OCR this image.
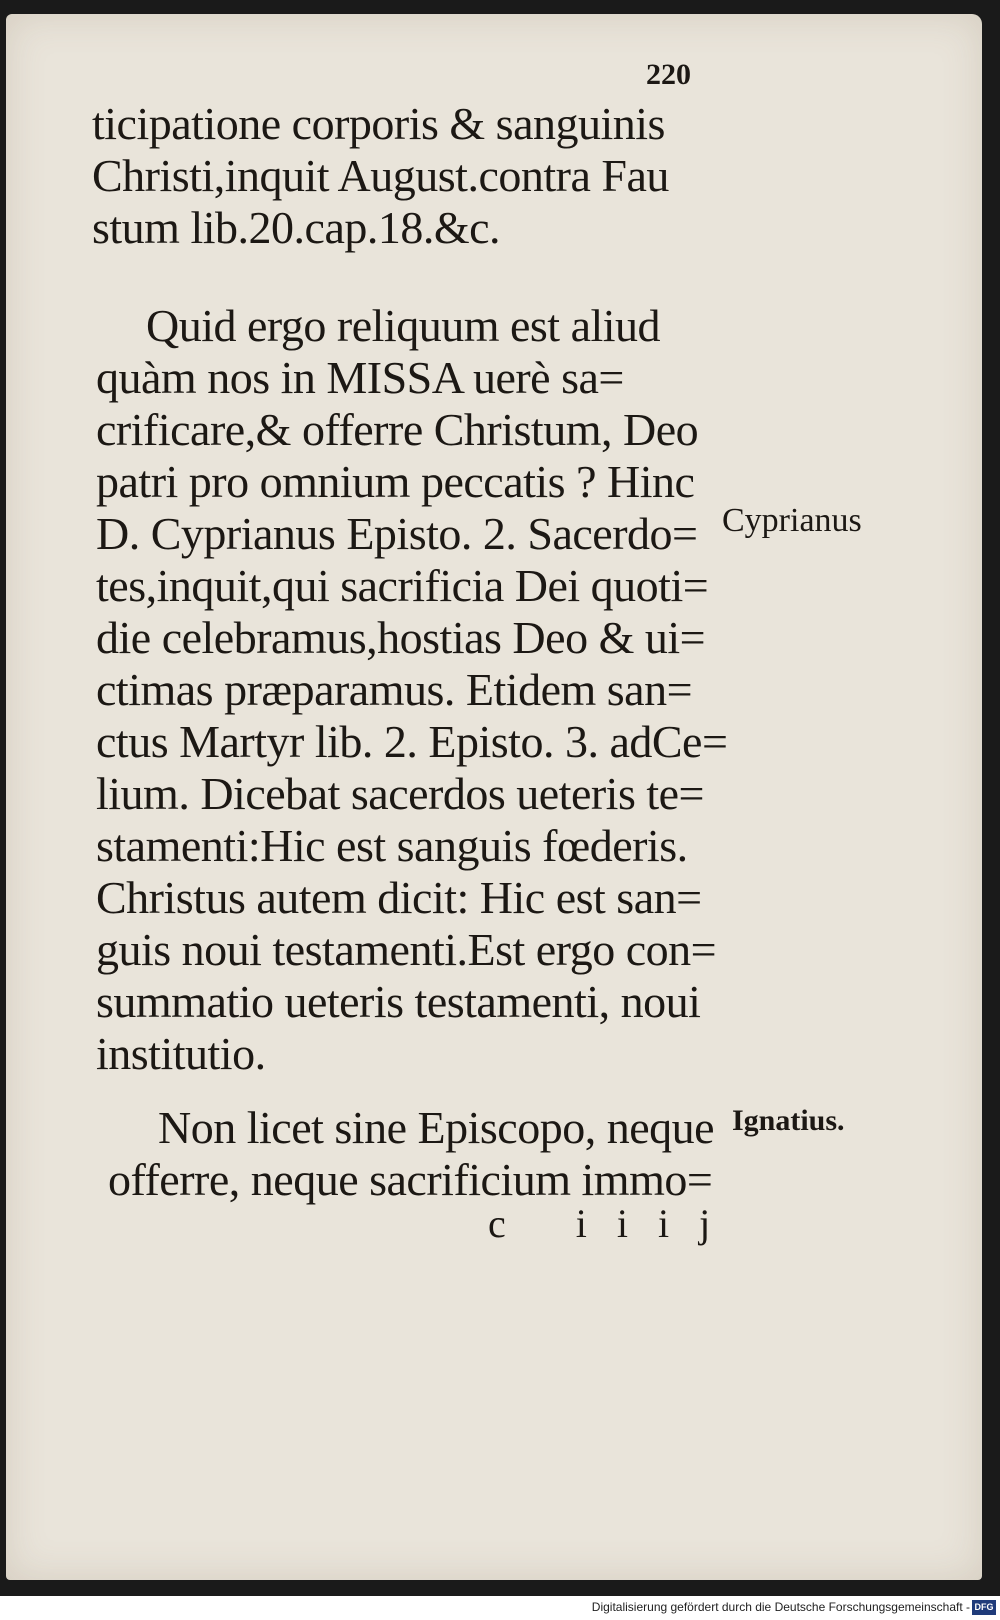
220
ticipatione corporis & sanguinis
Christi,inquit August.contra Fau
stum lib.20.cap.18.&c.
Quid ergo reliquum est aliud
quàm nos in MISSA uerè sa=
crificare,& offerre Christum, Deo
patri pro omnium peccatis ? Hinc
D. Cyprianus Episto. 2. Sacerdo=
tes,inquit,qui sacrificia Dei quoti=
die celebramus,hostias Deo & ui=
ctimas præparamus. Etidem san=
ctus Martyr lib. 2. Episto. 3. adCe=
lium. Dicebat sacerdos ueteris te=
stamenti:Hic est sanguis fœderis.
Christus autem dicit: Hic est san=
guis noui testamenti.Est ergo con=
summatio ueteris testamenti, noui
institutio.
Cyprianus
Non licet sine Episcopo, neque
offerre, neque sacrificium immo=
Ignatius.
c iiij
Digitalisierung gefördert durch die Deutsche Forschungsgemeinschaft - DFG
